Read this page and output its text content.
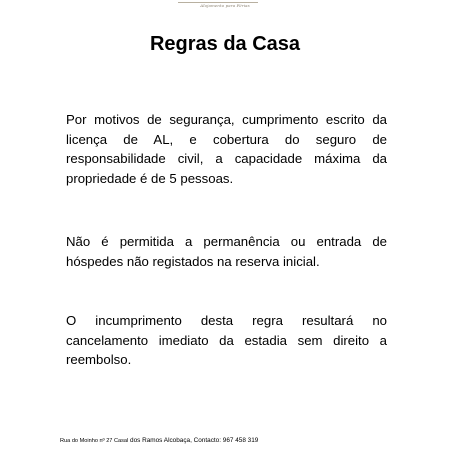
Alojamento para Férias
Regras da Casa

Por motivos de segurança, cumprimento escrito da licença de AL, e cobertura do seguro de responsabilidade civil, a capacidade máxima da propriedade é de 5 pessoas.

Não é permitida a permanência ou entrada de hóspedes não registados na reserva inicial.

O incumprimento desta regra resultará no cancelamento imediato da estadia sem direito a reembolso.

Rua do Moinho nº 27 Casal dos Ramos Alcobaça, Contacto: 967 458 319
